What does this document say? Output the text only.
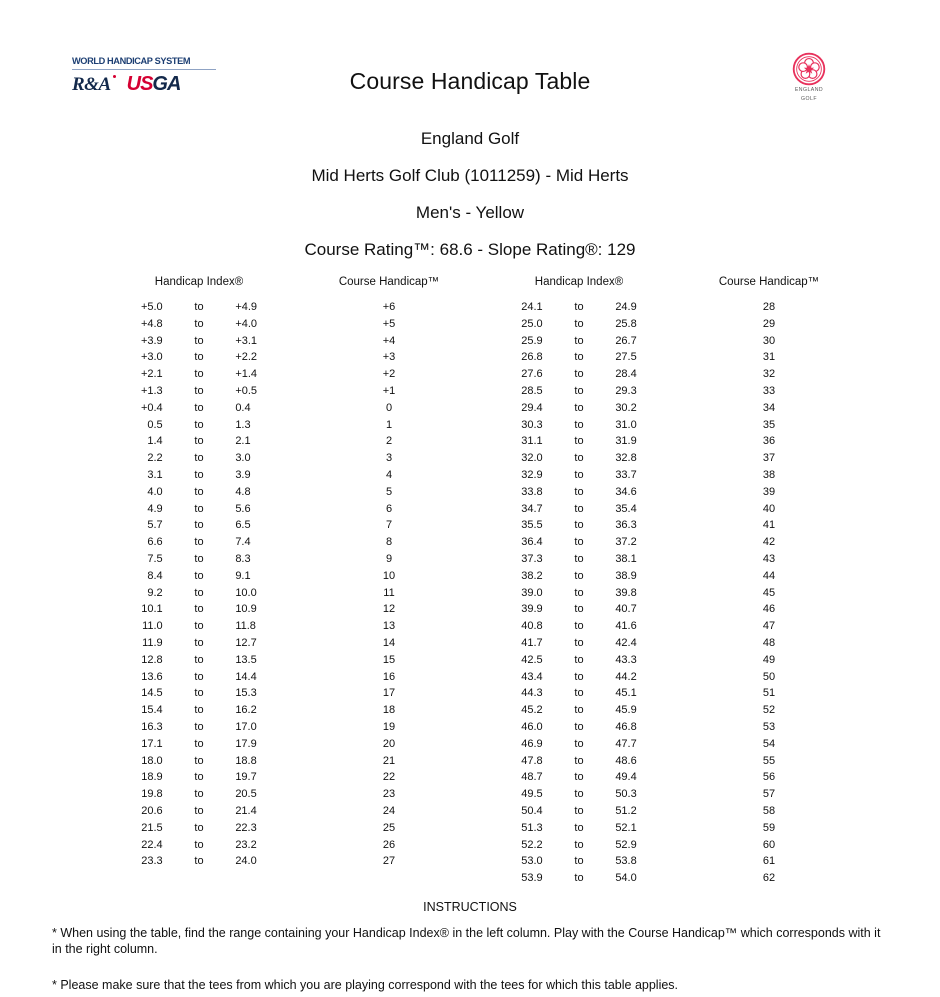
WORLD HANDICAP SYSTEM
R&A USGA	ENGLAND
GOLF
Course Handicap Table
England Golf
Mid Herts Golf Club (1011259) - Mid Herts
Men's - Yellow
Course Rating™: 68.6 - Slope Rating®: 129
Handicap Index®			Course Handicap™
+5.0	to	+4.9	+6
+4.8	to	+4.0	+5
+3.9	to	+3.1	+4
+3.0	to	+2.2	+3
+2.1	to	+1.4	+2
+1.3	to	+0.5	+1
+0.4	to	0.4	0
0.5	to	1.3	1
1.4	to	2.1	2
2.2	to	3.0	3
3.1	to	3.9	4
4.0	to	4.8	5
4.9	to	5.6	6
5.7	to	6.5	7
6.6	to	7.4	8
7.5	to	8.3	9
8.4	to	9.1	10
9.2	to	10.0	11
10.1	to	10.9	12
11.0	to	11.8	13
11.9	to	12.7	14
12.8	to	13.5	15
13.6	to	14.4	16
14.5	to	15.3	17
15.4	to	16.2	18
16.3	to	17.0	19
17.1	to	17.9	20
18.0	to	18.8	21
18.9	to	19.7	22
19.8	to	20.5	23
20.6	to	21.4	24
21.5	to	22.3	25
22.4	to	23.2	26
23.3	to	24.0	27
Handicap Index®			Course Handicap™
24.1	to	24.9	28
25.0	to	25.8	29
25.9	to	26.7	30
26.8	to	27.5	31
27.6	to	28.4	32
28.5	to	29.3	33
29.4	to	30.2	34
30.3	to	31.0	35
31.1	to	31.9	36
32.0	to	32.8	37
32.9	to	33.7	38
33.8	to	34.6	39
34.7	to	35.4	40
35.5	to	36.3	41
36.4	to	37.2	42
37.3	to	38.1	43
38.2	to	38.9	44
39.0	to	39.8	45
39.9	to	40.7	46
40.8	to	41.6	47
41.7	to	42.4	48
42.5	to	43.3	49
43.4	to	44.2	50
44.3	to	45.1	51
45.2	to	45.9	52
46.0	to	46.8	53
46.9	to	47.7	54
47.8	to	48.6	55
48.7	to	49.4	56
49.5	to	50.3	57
50.4	to	51.2	58
51.3	to	52.1	59
52.2	to	52.9	60
53.0	to	53.8	61
53.9	to	54.0	62
INSTRUCTIONS

* When using the table, find the range containing your Handicap Index® in the left column. Play with the Course Handicap™ which corresponds with it in the right column.

* Please make sure that the tees from which you are playing correspond with the tees for which this table applies.
